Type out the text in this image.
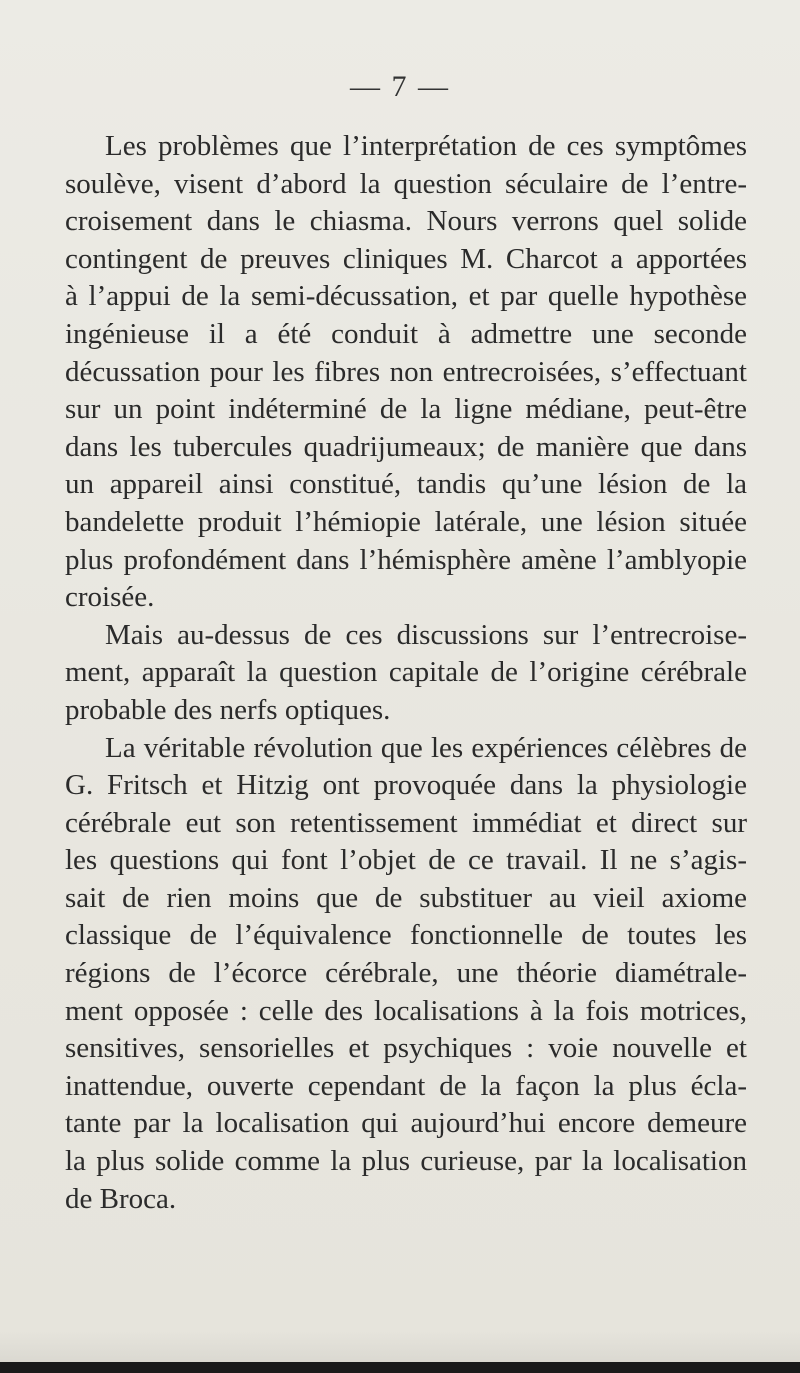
— 7 —

Les problèmes que l’interprétation de ces symptômes
soulève, visent d’abord la question séculaire de l’entre-
croisement dans le chiasma. Nours verrons quel solide
contingent de preuves cliniques M. Charcot a apportées
à l’appui de la semi-décussation, et par quelle hypothèse
ingénieuse il a été conduit à admettre une seconde
décussation pour les fibres non entrecroisées, s’effectuant
sur un point indéterminé de la ligne médiane, peut-être
dans les tubercules quadrijumeaux; de manière que dans
un appareil ainsi constitué, tandis qu’une lésion de la
bandelette produit l’hémiopie latérale, une lésion située
plus profondément dans l’hémisphère amène l’amblyopie
croisée.

Mais au-dessus de ces discussions sur l’entrecroise-
ment, apparaît la question capitale de l’origine cérébrale
probable des nerfs optiques.

La véritable révolution que les expériences célèbres de
G. Fritsch et Hitzig ont provoquée dans la physiologie
cérébrale eut son retentissement immédiat et direct sur
les questions qui font l’objet de ce travail. Il ne s’agis-
sait de rien moins que de substituer au vieil axiome
classique de l’équivalence fonctionnelle de toutes les
régions de l’écorce cérébrale, une théorie diamétrale-
ment opposée : celle des localisations à la fois motrices,
sensitives, sensorielles et psychiques : voie nouvelle et
inattendue, ouverte cependant de la façon la plus écla-
tante par la localisation qui aujourd’hui encore demeure
la plus solide comme la plus curieuse, par la localisation
de Broca.
